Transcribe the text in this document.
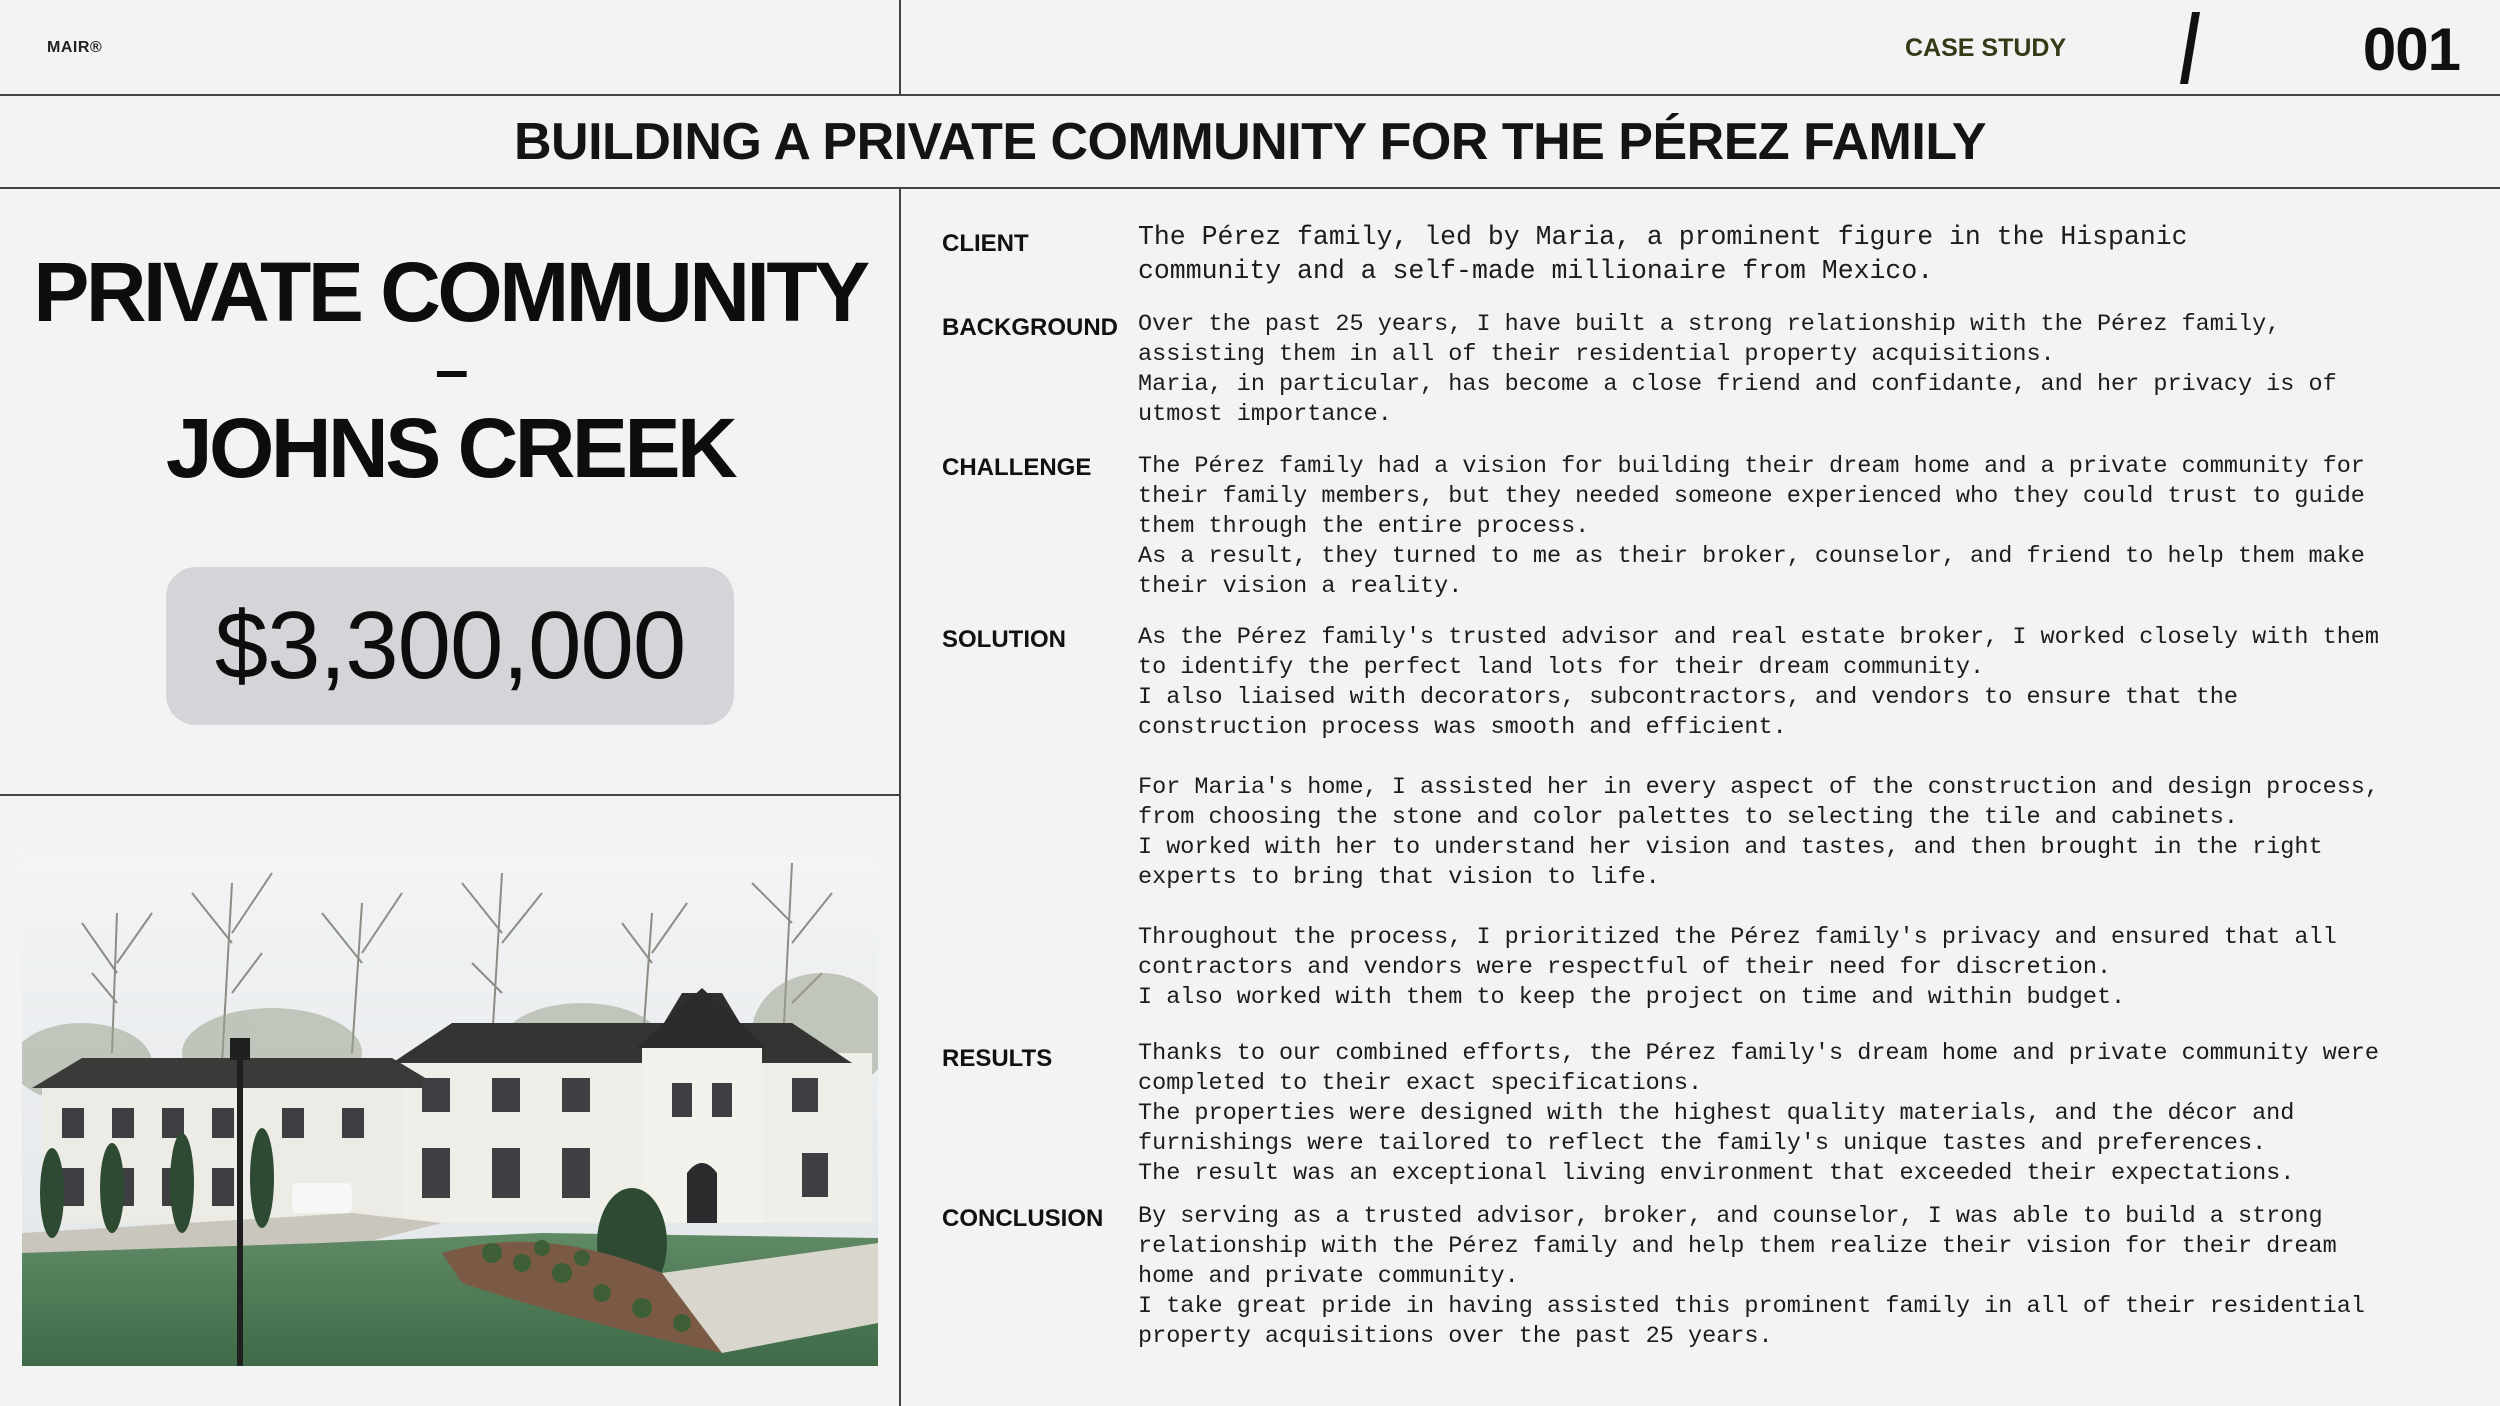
MAIR®	CASE STUDY	001
BUILDING A PRIVATE COMMUNITY FOR THE PÉREZ FAMILY
PRIVATE COMMUNITY
–
JOHNS CREEK
$3,300,000
CLIENT	The Pérez family, led by Maria, a prominent figure in the Hispanic
community and a self-made millionaire from Mexico.
BACKGROUND Over the past 25 years, I have built a strong relationship with the Pérez family,
assisting them in all of their residential property acquisitions.
Maria, in particular, has become a close friend and confidante, and her privacy is of
utmost importance.
CHALLENGE	The Pérez family had a vision for building their dream home and a private community for
their family members, but they needed someone experienced who they could trust to guide
them through the entire process.
As a result, they turned to me as their broker, counselor, and friend to help them make
their vision a reality.
SOLUTION	As the Pérez family's trusted advisor and real estate broker, I worked closely with them
to identify the perfect land lots for their dream community.
I also liaised with decorators, subcontractors, and vendors to ensure that the
construction process was smooth and efficient.
For Maria's home, I assisted her in every aspect of the construction and design process,
from choosing the stone and color palettes to selecting the tile and cabinets.
I worked with her to understand her vision and tastes, and then brought in the right
experts to bring that vision to life.
Throughout the process, I prioritized the Pérez family's privacy and ensured that all
contractors and vendors were respectful of their need for discretion.
I also worked with them to keep the project on time and within budget.
RESULTS	Thanks to our combined efforts, the Pérez family's dream home and private community were
completed to their exact specifications.
The properties were designed with the highest quality materials, and the décor and
furnishings were tailored to reflect the family's unique tastes and preferences.
The result was an exceptional living environment that exceeded their expectations.
CONCLUSION	By serving as a trusted advisor, broker, and counselor, I was able to build a strong
relationship with the Pérez family and help them realize their vision for their dream
home and private community.
I take great pride in having assisted this prominent family in all of their residential
property acquisitions over the past 25 years.
